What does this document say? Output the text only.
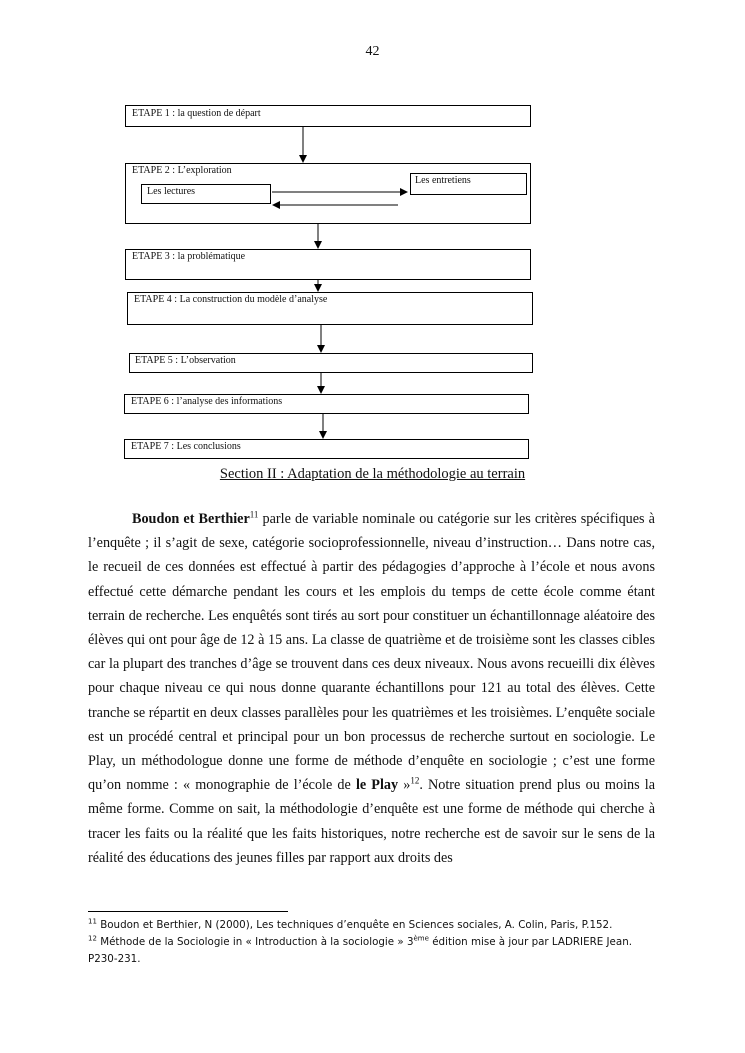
42
ETAPE 1 : la question de départ
ETAPE 2 : L’exploration
Les lectures
Les entretiens
ETAPE 3 : la problématique
ETAPE 4 : La construction du modèle d’analyse
ETAPE 5 : L’observation
ETAPE 6 : l’analyse des informations
ETAPE 7 : Les conclusions
Section II : Adaptation de la méthodologie au terrain

Boudon et Berthier$^{11}$ parle de variable nominale ou catégorie sur les critères spécifiques à l’enquête ; il s’agit de sexe, catégorie socioprofessionnelle, niveau d’instruction… Dans notre cas, le recueil de ces données est effectué à partir des pédagogies d’approche à l’école et nous avons effectué cette démarche pendant les cours et les emplois du temps de cette école comme étant terrain de recherche. Les enquêtés sont tirés au sort pour constituer un échantillonnage aléatoire des élèves qui ont pour âge de 12 à 15 ans. La classe de quatrième et de troisième sont les classes cibles car la plupart des tranches d’âge se trouvent dans ces deux niveaux. Nous avons recueilli dix élèves pour chaque niveau ce qui nous donne quarante échantillons pour 121 au total des élèves. Cette tranche se répartit en deux classes parallèles pour les quatrièmes et les troisièmes. L’enquête sociale est un procédé central et principal pour un bon processus de recherche surtout en sociologie. Le Play, un méthodologue donne une forme de méthode d’enquête en sociologie ; c’est une forme qu’on nomme : « monographie de l’école de le Play »$^{12}$. Notre situation prend plus ou moins la même forme. Comme on sait, la méthodologie d’enquête est une forme de méthode qui cherche à tracer les faits ou la réalité que les faits historiques, notre recherche est de savoir sur le sens de la réalité des éducations des jeunes filles par rapport aux droits des

$^{11}$ Boudon et Berthier, N (2000), Les techniques d’enquête en Sciences sociales, A. Colin, Paris, P.152.
$^{12}$ Méthode de la Sociologie in « Introduction à la sociologie » 3ème édition mise à jour par LADRIERE Jean. P230-231.
